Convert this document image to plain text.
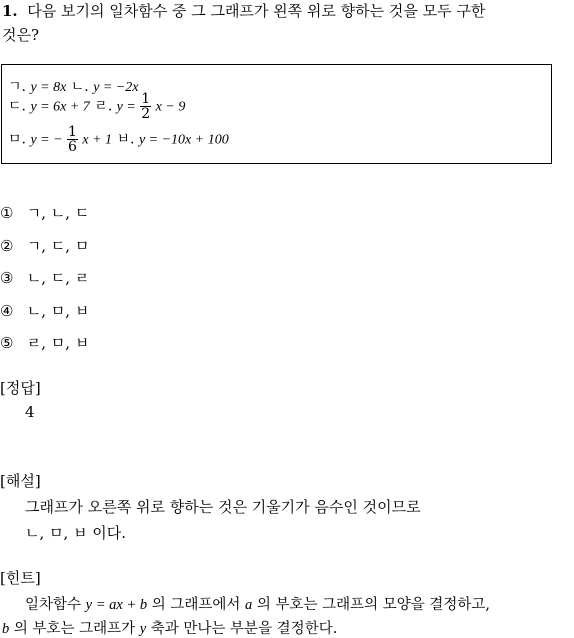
1. 다음 보기의 일차함수 중 그 그래프가 왼쪽 위로 향하는 것을 모두 구한
것은?
ㄱ. y = 8x ㄴ. y = −2x
ㄷ. y = 6x + 7 ㄹ. $y = \frac{1}{2}$ x − 9
ㅁ. y = − $\frac{1}{6}$ x + 1 ㅂ. y = −10x + 100
① ㄱ, ㄴ, ㄷ
② ㄱ, ㄷ, ㅁ
③ ㄴ, ㄷ, ㄹ
④ ㄴ, ㅁ, ㅂ
⑤ ㄹ, ㅁ, ㅂ
[정답]
4
[해설]
그래프가 오른쪽 위로 향하는 것은 기울기가 음수인 것이므로
ㄴ, ㅁ, ㅂ 이다.
[힌트]
일차함수 y = ax + b 의 그래프에서 a 의 부호는 그래프의 모양을 결정하고,
b 의 부호는 그래프가 y 축과 만나는 부분을 결정한다.
